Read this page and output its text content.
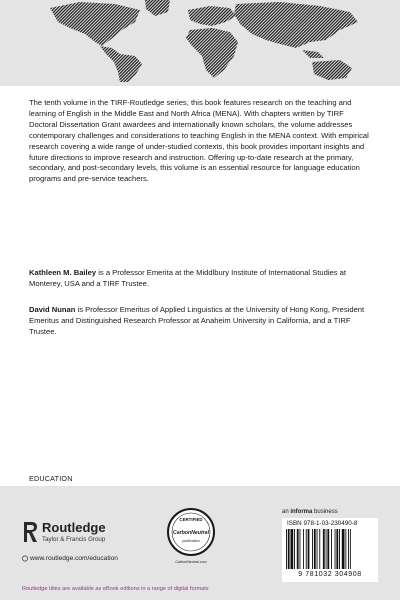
The tenth volume in the TIRF-Routledge series, this book features research on the teaching and learning of English in the Middle East and North Africa (MENA). With chapters written by TIRF Doctoral Dissertation Grant awardees and internationally known scholars, the volume addresses contemporary challenges and considerations to teaching English in the MENA context. With empirical research covering a wide range of under-studied contexts, this book provides important insights and future directions to improve research and instruction. Offering up-to-date research at the primary, secondary, and post-secondary levels, this volume is an essential resource for language education programs and pre-service teachers.

Kathleen M. Bailey is a Professor Emerita at the Middlbury Institute of International Studies at Monterey, USA and a TIRF Trustee.

David Nunan is Professor Emeritus of Applied Linguistics at the University of Hong Kong, President Emeritus and Distinguished Research Professor at Anaheim University in California, and a TIRF Trustee.

EDUCATION
Routledge
Taylor & Francis Group
www.routledge.com/education
CERTIFIED
CarbonNeutral
publication
CarbonNeutral.com
an informa business
ISBN 978-1-03-230490-8
9 781032 304908
Routledge titles are available as eBook editions in a range of digital formats
